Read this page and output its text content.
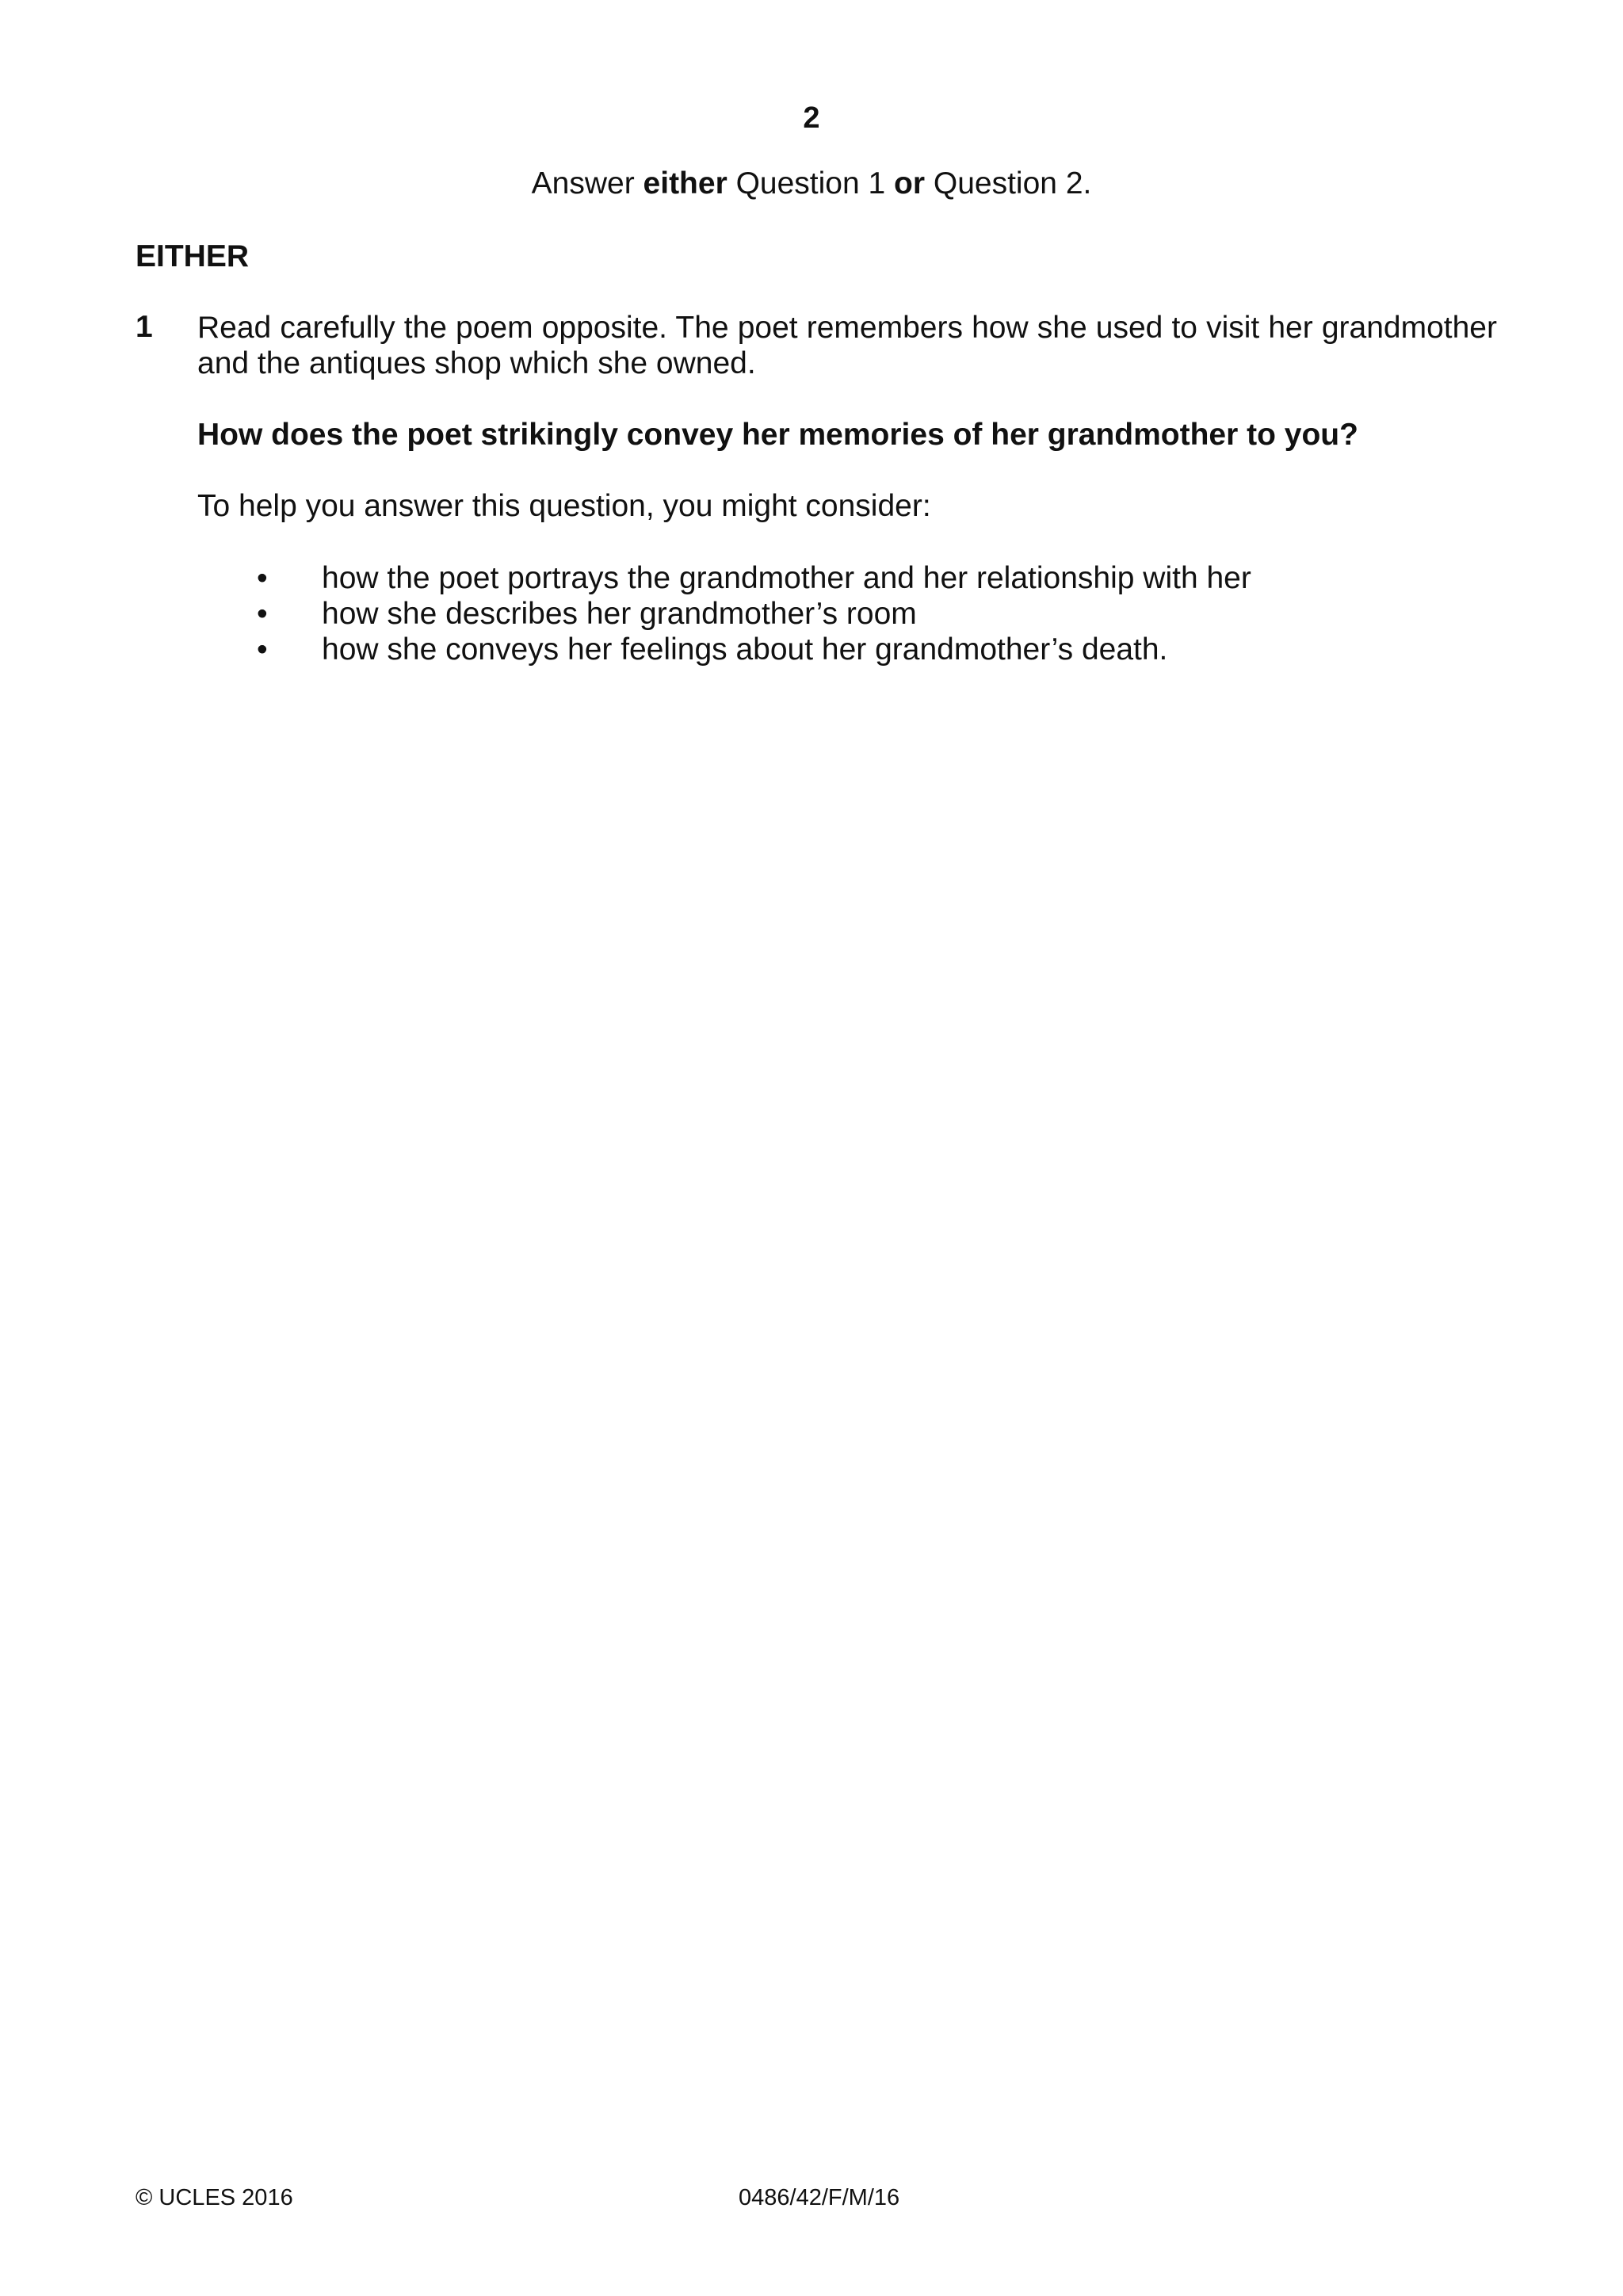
2
Answer either Question 1 or Question 2.
EITHER
1 Read carefully the poem opposite. The poet remembers how she used to visit her grandmother and the antiques shop which she owned.
How does the poet strikingly convey her memories of her grandmother to you?
To help you answer this question, you might consider:
• how the poet portrays the grandmother and her relationship with her
• how she describes her grandmother’s room
• how she conveys her feelings about her grandmother’s death.
© UCLES 2016	0486/42/F/M/16
